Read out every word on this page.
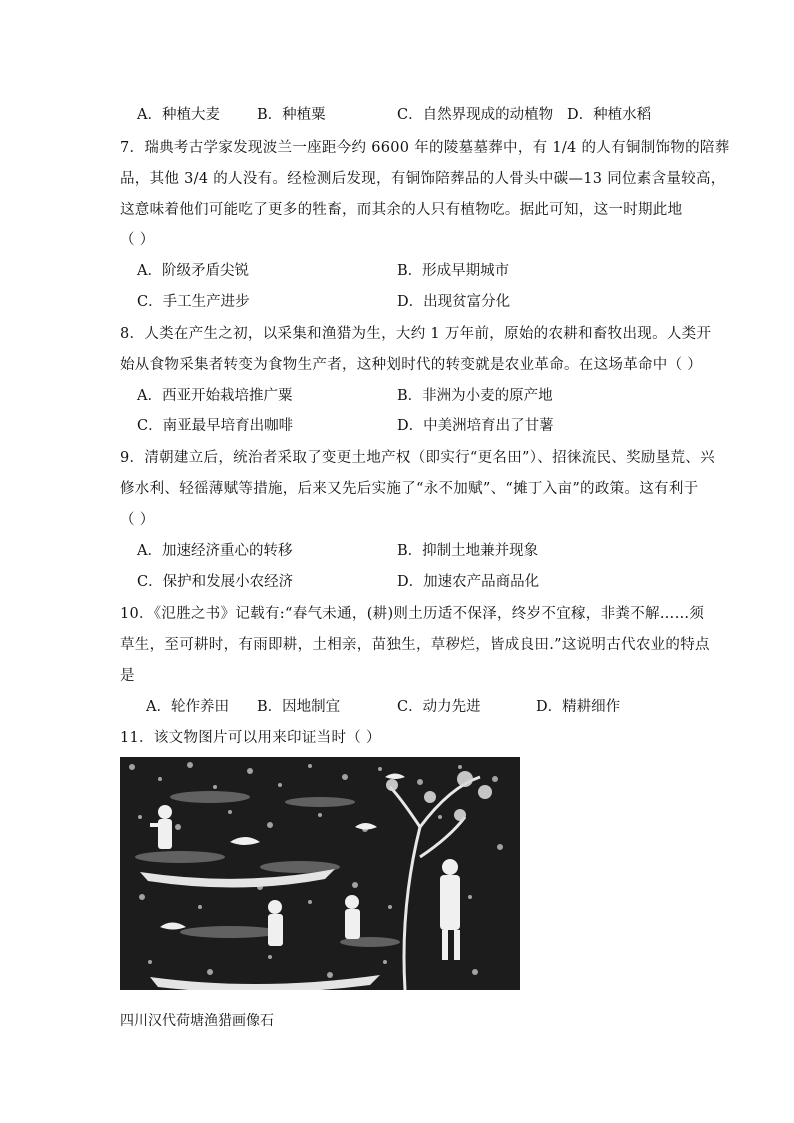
A．种植大麦	B．种植粟	C．自然界现成的动植物 D．种植水稻
7．瑞典考古学家发现波兰一座距今约 6600 年的陵墓墓葬中，有 1/4 的人有铜制饰物的陪葬
品，其他 3/4 的人没有。经检测后发现，有铜饰陪葬品的人骨头中碳—13 同位素含量较高，
这意味着他们可能吃了更多的牲畜，而其余的人只有植物吃。据此可知，这一时期此地
（ ）
A．阶级矛盾尖锐	B．形成早期城市
C．手工生产进步	D．出现贫富分化
8．人类在产生之初，以采集和渔猎为生，大约 1 万年前，原始的农耕和畜牧出现。人类开
始从食物采集者转变为食物生产者，这种划时代的转变就是农业革命。在这场革命中（ ）
A．西亚开始栽培推广粟	B．非洲为小麦的原产地
C．南亚最早培育出咖啡	D．中美洲培育出了甘薯
9．清朝建立后，统治者采取了变更土地产权（即实行“更名田”）、招徕流民、奖励垦荒、兴
修水利、轻徭薄赋等措施，后来又先后实施了“永不加赋”、“摊丁入亩”的政策。这有利于
（ ）
A．加速经济重心的转移	B．抑制土地兼并现象
C．保护和发展小农经济	D．加速农产品商品化
10．《氾胜之书》记载有:“春气未通，(耕)则土历适不保泽，终岁不宜稼，非粪不解……须
草生，至可耕时，有雨即耕，土相亲，苗独生，草秽烂，皆成良田.”这说明古代农业的特点
是
A．轮作养田 B．因地制宜	C．动力先进	D．精耕细作
11．该文物图片可以用来印证当时（ ）
四川汉代荷塘渔猎画像石
